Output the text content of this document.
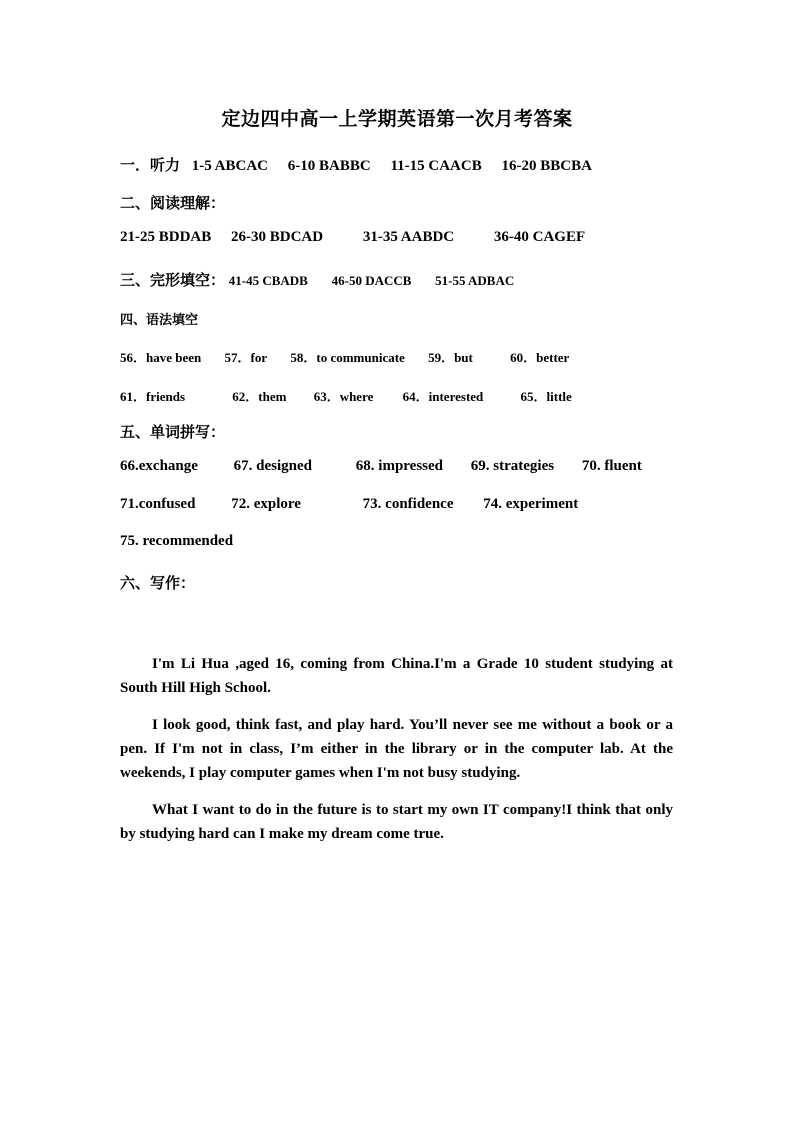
定边四中高一上学期英语第一次月考答案
一．听力 1-5 ABCAC 6-10 BABBC 11-15 CAACB 16-20 BBCBA
二、阅读理解：
21-25 BDDAB 26-30 BDCAD	31-35 AABDC	36-40 CAGEF
三、完形填空： 41-45 CBADB 46-50 DACCB 51-55 ADBAC
四、语法填空
56．have been 57．for 58．to communicate 59．but	60．better
61．friends	62．them 63．where 64．interested	65．little
五、单词拼写：
66.exchange 67. designed	68. impressed 69. strategies 70. fluent
71.confused 72. explore	73. confidence 74. experiment
75. recommended
六、写作：
I'm Li Hua ,aged 16, coming from China.I'm a Grade 10 student studying at South Hill High School.
I look good, think fast, and play hard. You’ll never see me without a book or a pen. If I'm not in class, I’m either in the library or in the computer lab. At the weekends, I play computer games when I'm not busy studying.
What I want to do in the future is to start my own IT company!I think that only by studying hard can I make my dream come true.
